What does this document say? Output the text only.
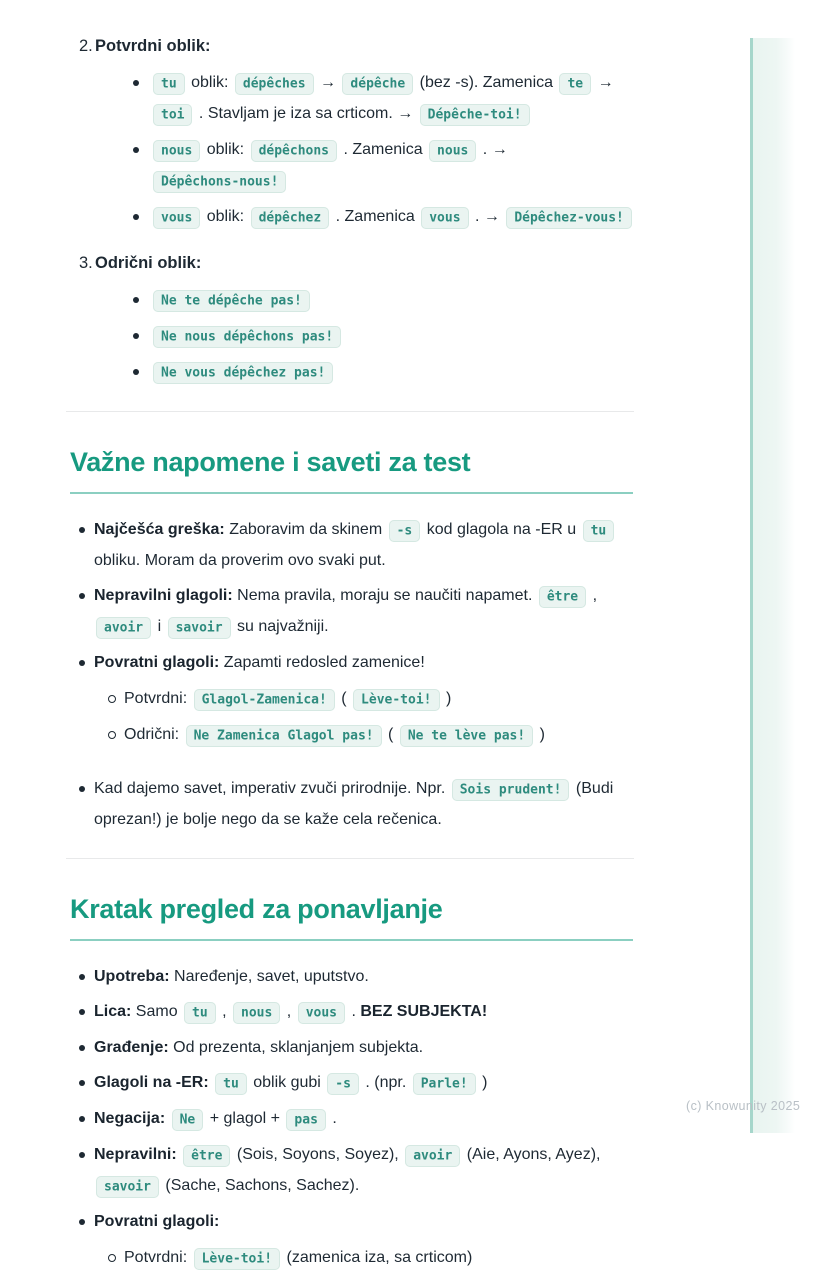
(c) Knowunity 2025
2. Potvrdni oblik:
tu oblik: dépêches → dépêche (bez -s). Zamenica te → toi . Stavljam je iza sa crticom. → Dépêche-toi!
nous oblik: dépêchons . Zamenica nous . → Dépêchons-nous!
vous oblik: dépêchez . Zamenica vous . → Dépêchez-vous!
3. Odrični oblik:
Ne te dépêche pas!
Ne nous dépêchons pas!
Ne vous dépêchez pas!
Važne napomene i saveti za test
Najčešća greška: Zaboravim da skinem -s kod glagola na -ER u tu obliku. Moram da proverim ovo svaki put.
Nepravilni glagoli: Nema pravila, moraju se naučiti napamet. être , avoir i savoir su najvažniji.
Povratni glagoli: Zapamti redosled zamenice!
Potvrdni: Glagol-Zamenica! ( Lève-toi! )
Odrični: Ne Zamenica Glagol pas! ( Ne te lève pas! )
Kad dajemo savet, imperativ zvuči prirodnije. Npr. Sois prudent! (Budi oprezan!) je bolje nego da se kaže cela rečenica.
Kratak pregled za ponavljanje
Upotreba: Naređenje, savet, uputstvo.
Lica: Samo tu , nous , vous . BEZ SUBJEKTA!
Građenje: Od prezenta, sklanjanjem subjekta.
Glagoli na -ER: tu oblik gubi -s . (npr. Parle! )
Negacija: Ne + glagol + pas .
Nepravilni: être (Sois, Soyons, Soyez), avoir (Aie, Ayons, Ayez), savoir (Sache, Sachons, Sachez).
Povratni glagoli:
Potvrdni: Lève-toi! (zamenica iza, sa crticom)
